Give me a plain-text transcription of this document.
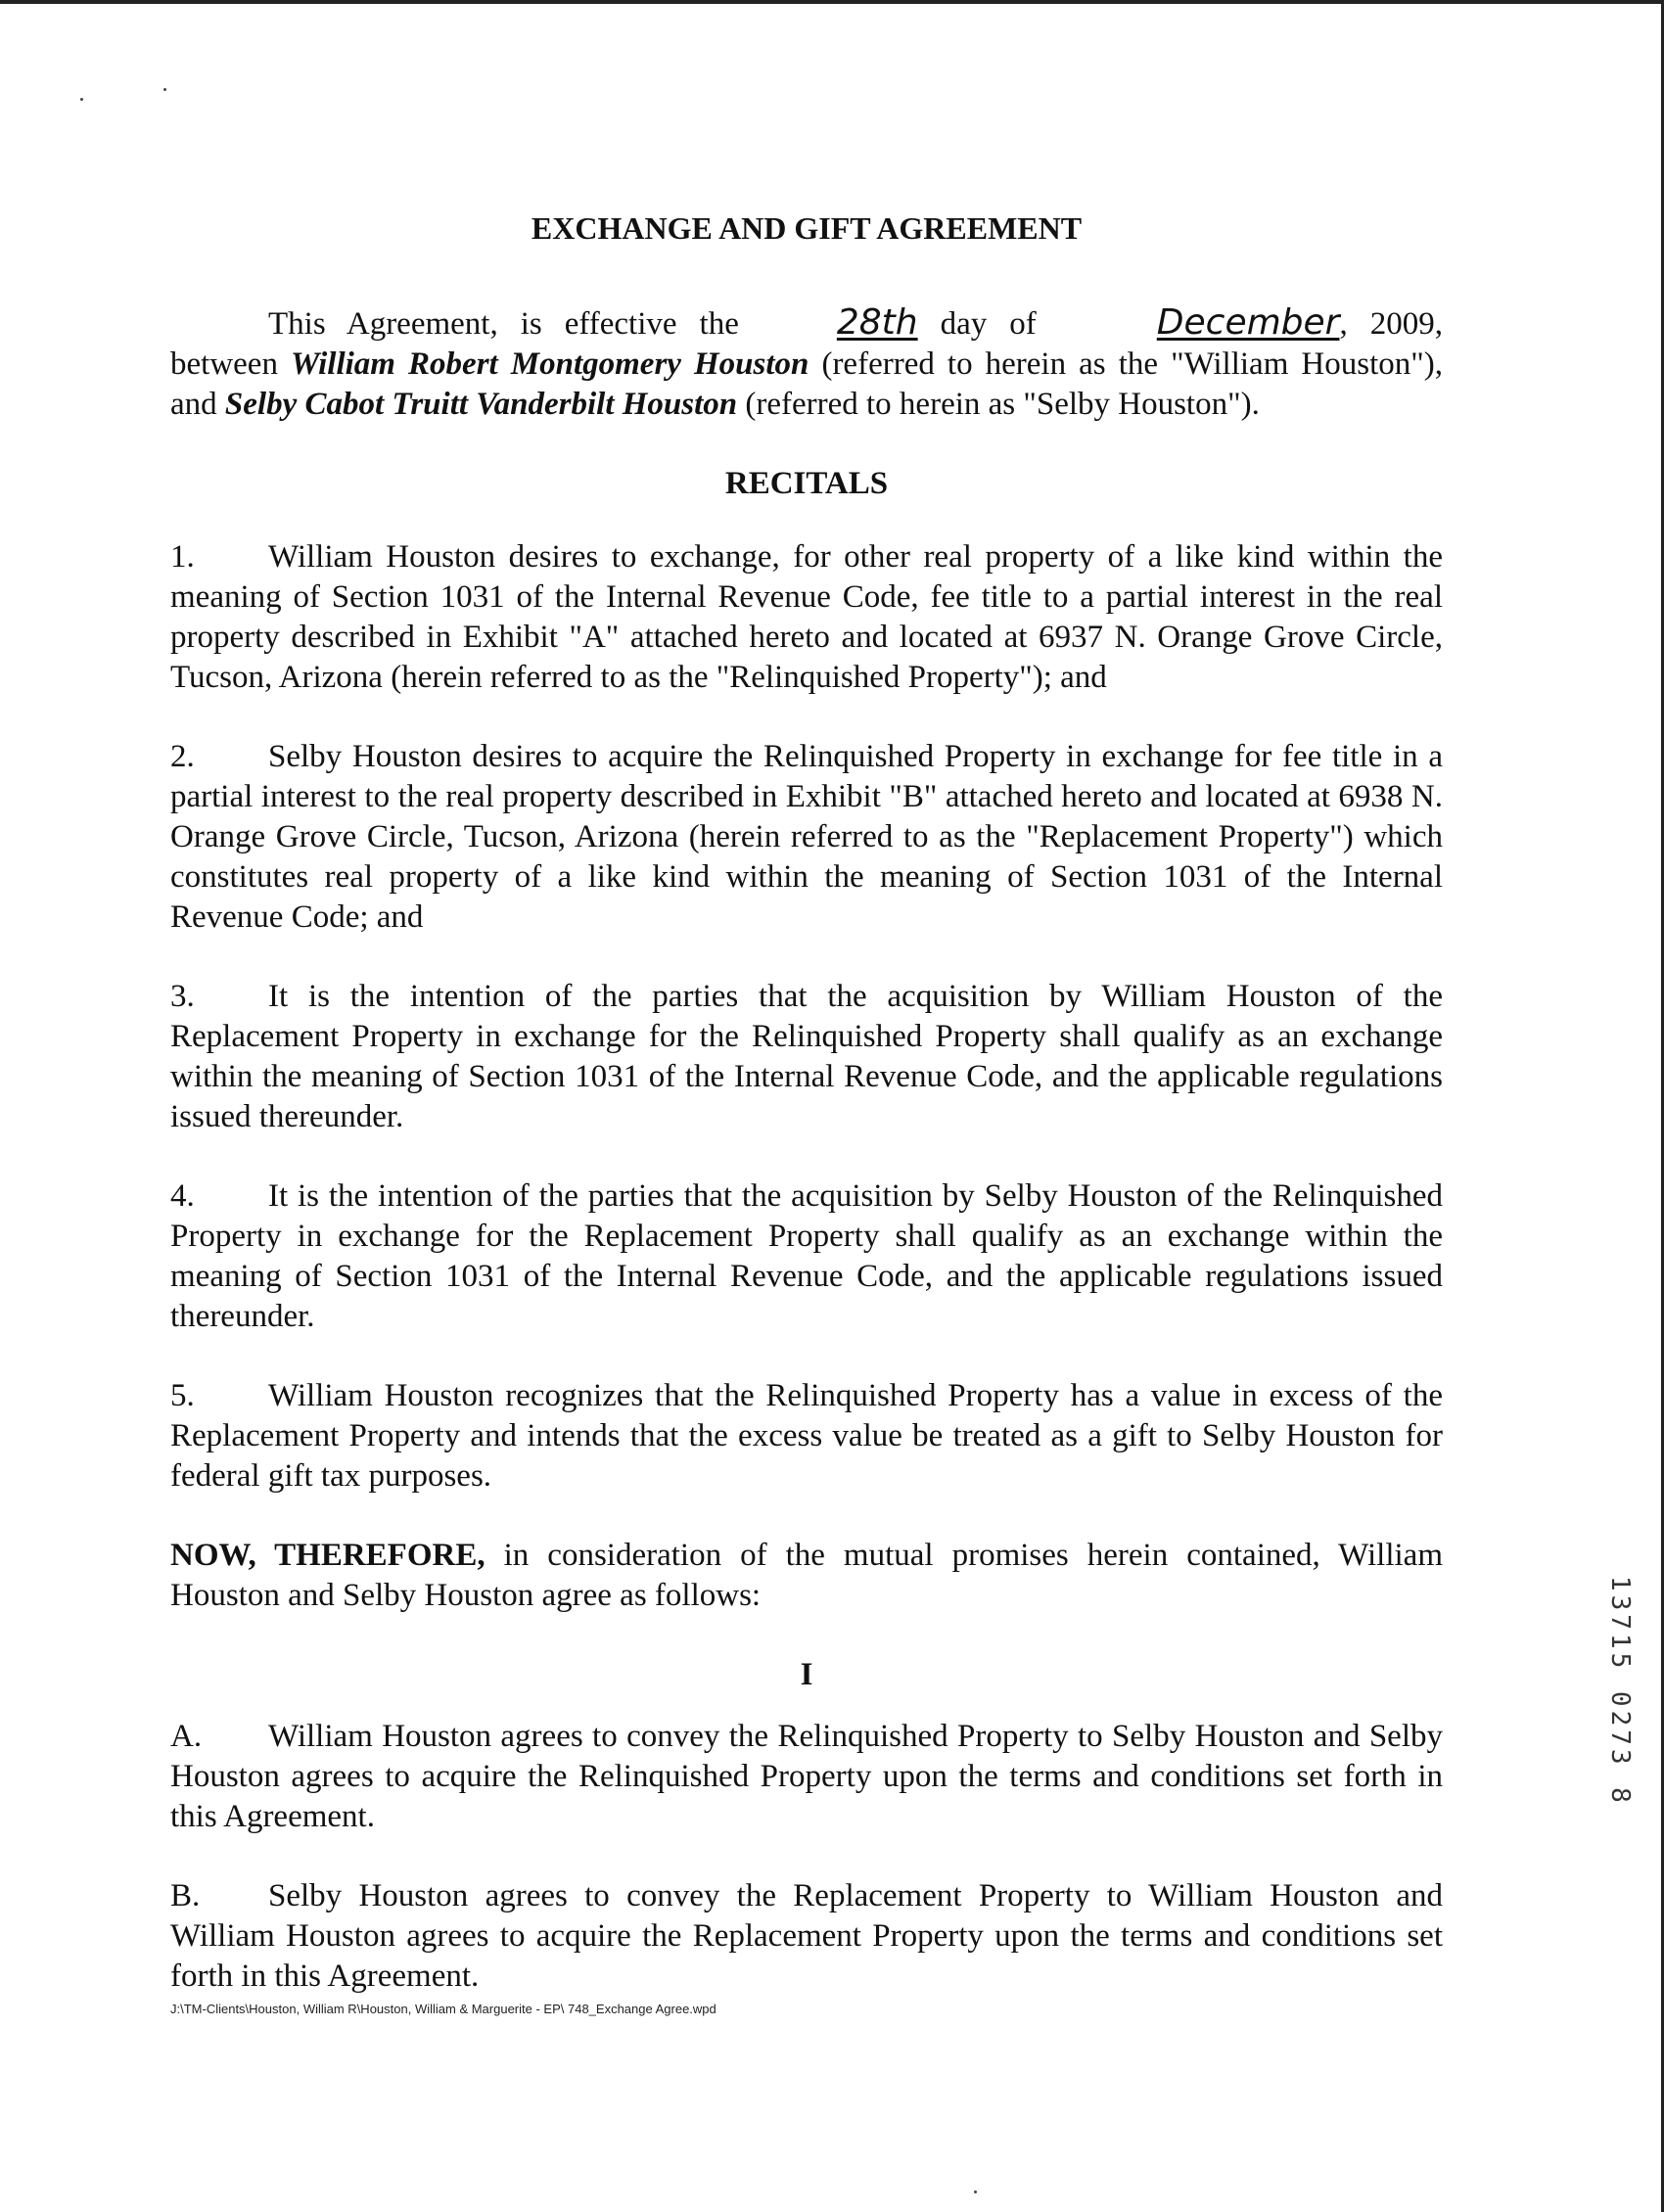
EXCHANGE AND GIFT AGREEMENT

This Agreement, is effective the	28th day of	December, 2009, between William Robert Montgomery Houston (referred to herein as the "William Houston"), and Selby Cabot Truitt Vanderbilt Houston (referred to herein as "Selby Houston").

RECITALS

1. William Houston desires to exchange, for other real property of a like kind within the meaning of Section 1031 of the Internal Revenue Code, fee title to a partial interest in the real property described in Exhibit "A" attached hereto and located at 6937 N. Orange Grove Circle, Tucson, Arizona (herein referred to as the "Relinquished Property"); and

2. Selby Houston desires to acquire the Relinquished Property in exchange for fee title in a partial interest to the real property described in Exhibit "B" attached hereto and located at 6938 N. Orange Grove Circle, Tucson, Arizona (herein referred to as the "Replacement Property") which constitutes real property of a like kind within the meaning of Section 1031 of the Internal Revenue Code; and

3. It is the intention of the parties that the acquisition by William Houston of the Replacement Property in exchange for the Relinquished Property shall qualify as an exchange within the meaning of Section 1031 of the Internal Revenue Code, and the applicable regulations issued thereunder.

4. It is the intention of the parties that the acquisition by Selby Houston of the Relinquished Property in exchange for the Replacement Property shall qualify as an exchange within the meaning of Section 1031 of the Internal Revenue Code, and the applicable regulations issued thereunder.

5. William Houston recognizes that the Relinquished Property has a value in excess of the Replacement Property and intends that the excess value be treated as a gift to Selby Houston for federal gift tax purposes.

NOW, THEREFORE, in consideration of the mutual promises herein contained, William Houston and Selby Houston agree as follows:

I

A. William Houston agrees to convey the Relinquished Property to Selby Houston and Selby Houston agrees to acquire the Relinquished Property upon the terms and conditions set forth in this Agreement.

B. Selby Houston agrees to convey the Replacement Property to William Houston and William Houston agrees to acquire the Replacement Property upon the terms and conditions set forth in this Agreement.

13715 0273 8
J:\TM-Clients\Houston, William R\Houston, William & Marguerite - EP\ 748_Exchange Agree.wpd
